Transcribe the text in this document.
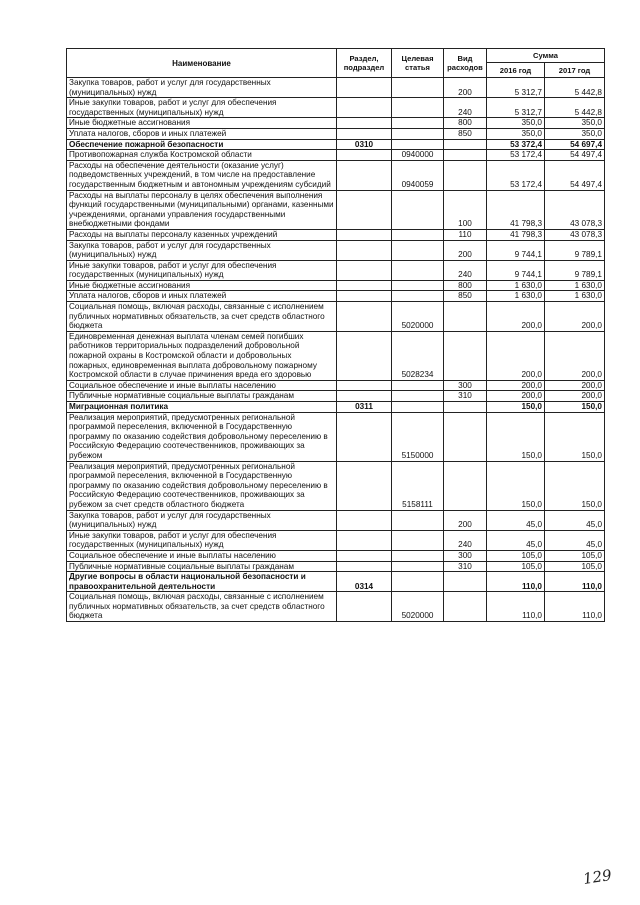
Наименование	Раздел, подраздел	Целевая статья	Вид расходов	Сумма	
				2016 год	2017 год
Закупка товаров, работ и услуг для государственных (муниципальных) нужд			200	5 312,7	5 442,8
Иные закупки товаров, работ и услуг для обеспечения государственных (муниципальных) нужд			240	5 312,7	5 442,8
Иные бюджетные ассигнования			800	350,0	350,0
Уплата налогов, сборов и иных платежей			850	350,0	350,0
Обеспечение пожарной безопасности	0310			53 372,4	54 697,4
Противопожарная служба Костромской области		0940000		53 172,4	54 497,4
Расходы на обеспечение деятельности (оказание услуг) подведомственных учреждений, в том числе на предоставление государственным бюджетным и автономным учреждениям субсидий		0940059		53 172,4	54 497,4
Расходы на выплаты персоналу в целях обеспечения выполнения функций государственными (муниципальными) органами, казенными учреждениями, органами управления государственными внебюджетными фондами			100	41 798,3	43 078,3
Расходы на выплаты персоналу казенных учреждений			110	41 798,3	43 078,3
Закупка товаров, работ и услуг для государственных (муниципальных) нужд			200	9 744,1	9 789,1
Иные закупки товаров, работ и услуг для обеспечения государственных (муниципальных) нужд			240	9 744,1	9 789,1
Иные бюджетные ассигнования			800	1 630,0	1 630,0
Уплата налогов, сборов и иных платежей			850	1 630,0	1 630,0
Социальная помощь, включая расходы, связанные с исполнением публичных нормативных обязательств, за счет средств областного бюджета		5020000		200,0	200,0
Единовременная денежная выплата членам семей погибших работников территориальных подразделений добровольной пожарной охраны в Костромской области и добровольных пожарных, единовременная выплата добровольному пожарному Костромской области в случае причинения вреда его здоровью		5028234		200,0	200,0
Социальное обеспечение и иные выплаты населению			300	200,0	200,0
Публичные нормативные социальные выплаты гражданам			310	200,0	200,0
Миграционная политика	0311			150,0	150,0
Реализация мероприятий, предусмотренных региональной программой переселения, включенной в Государственную программу по оказанию содействия добровольному переселению в Российскую Федерацию соотечественников, проживающих за рубежом		5150000		150,0	150,0
Реализация мероприятий, предусмотренных региональной программой переселения, включенной в Государственную программу по оказанию содействия добровольному переселению в Российскую Федерацию соотечественников, проживающих за рубежом за счет средств областного бюджета		5158111		150,0	150,0
Закупка товаров, работ и услуг для государственных (муниципальных) нужд			200	45,0	45,0
Иные закупки товаров, работ и услуг для обеспечения государственных (муниципальных) нужд			240	45,0	45,0
Социальное обеспечение и иные выплаты населению			300	105,0	105,0
Публичные нормативные социальные выплаты гражданам			310	105,0	105,0
Другие вопросы в области национальной безопасности и правоохранительной деятельности	0314			110,0	110,0
Социальная помощь, включая расходы, связанные с исполнением публичных нормативных обязательств, за счет средств областного бюджета		5020000		110,0	110,0
129
